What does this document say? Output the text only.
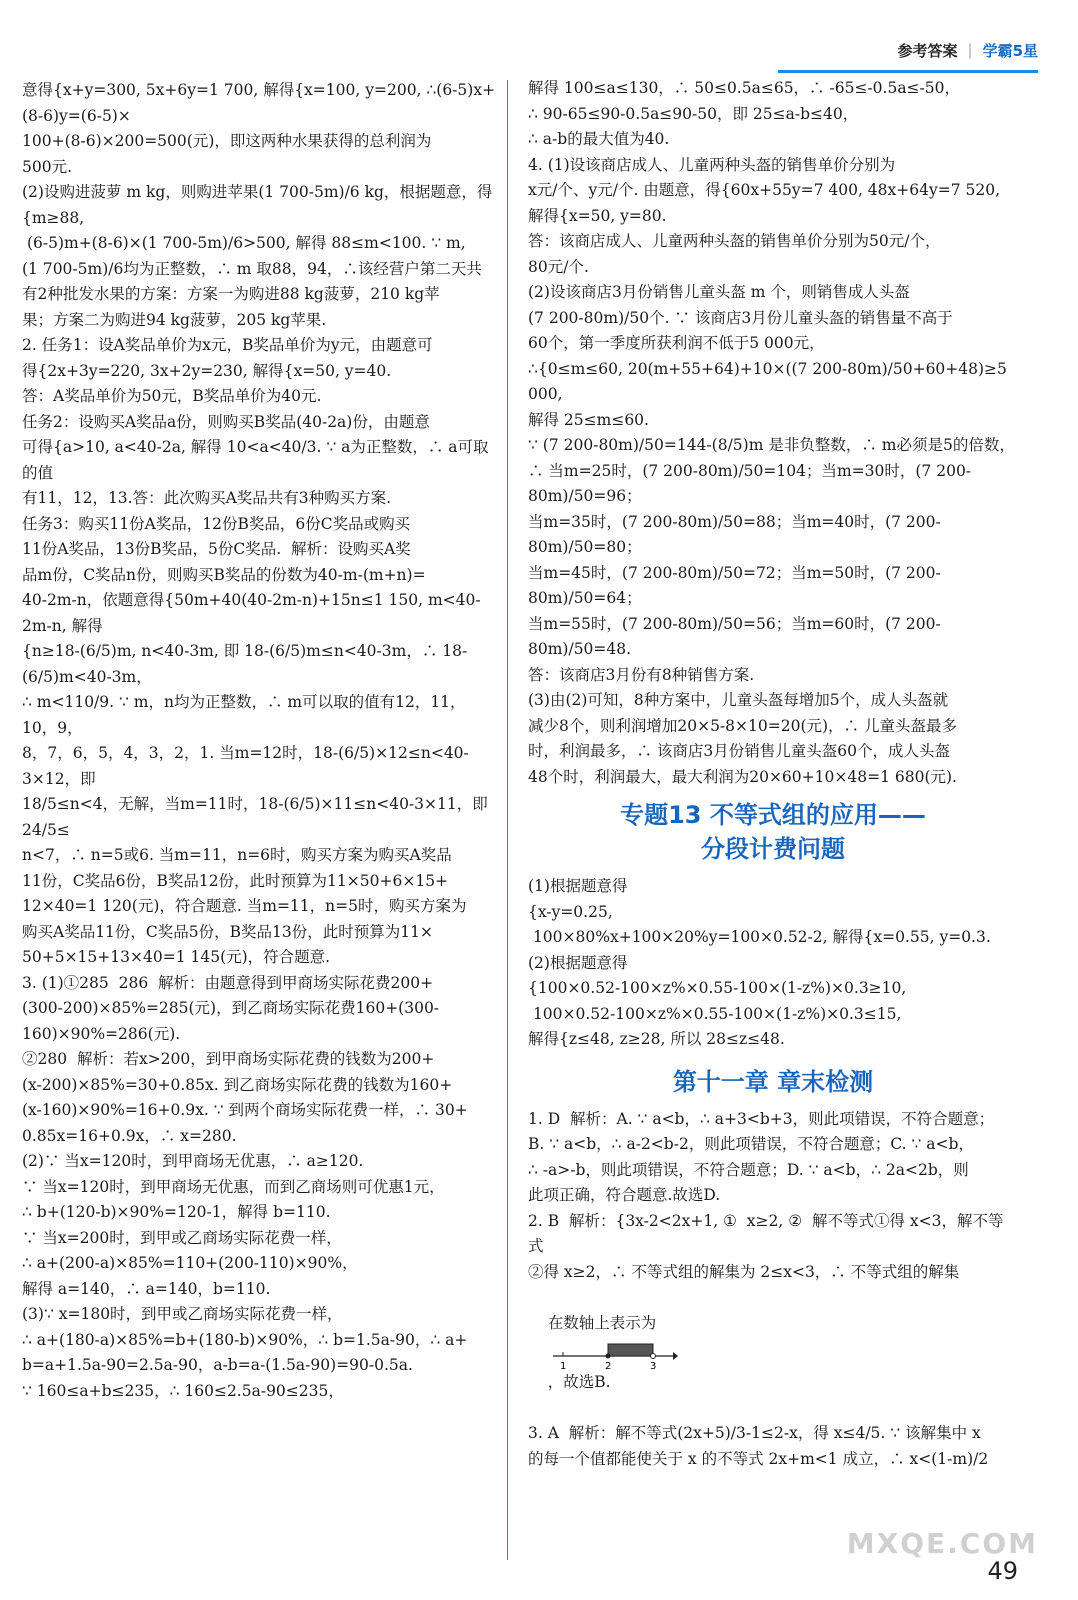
参考答案 | 学霸5星

意得{x+y=300, 5x+6y=1 700, 解得{x=100, y=200, ∴(6-5)x+(8-6)y=(6-5)×

100+(8-6)×200=500(元)，即这两种水果获得的总利润为

500元.

(2)设购进菠萝 m kg，则购进苹果(1 700-5m)/6 kg，根据题意，得

{m≥88,

(6-5)m+(8-6)×(1 700-5m)/6>500, 解得 88≤m<100. ∵ m,

(1 700-5m)/6均为正整数，∴ m 取88，94，∴该经营户第二天共

有2种批发水果的方案：方案一为购进88 kg菠萝，210 kg苹

果；方案二为购进94 kg菠萝，205 kg苹果.

2. 任务1：设A奖品单价为x元，B奖品单价为y元，由题意可

得{2x+3y=220, 3x+2y=230, 解得{x=50, y=40.

答：A奖品单价为50元，B奖品单价为40元.

任务2：设购买A奖品a份，则购买B奖品(40-2a)份，由题意

可得{a>10, a<40-2a, 解得 10<a<40/3. ∵ a为正整数，∴ a可取的值

有11，12，13.答：此次购买A奖品共有3种购买方案.

任务3：购买11份A奖品，12份B奖品，6份C奖品或购买

11份A奖品，13份B奖品，5份C奖品.  解析：设购买A奖

品m份，C奖品n份，则购买B奖品的份数为40-m-(m+n)=

40-2m-n，依题意得{50m+40(40-2m-n)+15n≤1 150, m<40-2m-n, 解得

{n≥18-(6/5)m, n<40-3m, 即 18-(6/5)m≤n<40-3m，∴ 18-(6/5)m<40-3m，

∴ m<110/9. ∵ m，n均为正整数，∴ m可以取的值有12，11，10，9，

8，7，6，5，4，3，2，1. 当m=12时，18-(6/5)×12≤n<40-3×12，即

18/5≤n<4，无解，当m=11时，18-(6/5)×11≤n<40-3×11，即24/5≤

n<7，∴ n=5或6. 当m=11，n=6时，购买方案为购买A奖品

11份，C奖品6份，B奖品12份，此时预算为11×50+6×15+

12×40=1 120(元)，符合题意. 当m=11，n=5时，购买方案为

购买A奖品11份，C奖品5份，B奖品13份，此时预算为11×

50+5×15+13×40=1 145(元)，符合题意.

3. (1)①285  286  解析：由题意得到甲商场实际花费200+

(300-200)×85%=285(元)，到乙商场实际花费160+(300-

160)×90%=286(元).

②280  解析：若x>200，到甲商场实际花费的钱数为200+

(x-200)×85%=30+0.85x. 到乙商场实际花费的钱数为160+

(x-160)×90%=16+0.9x. ∵ 到两个商场实际花费一样，∴ 30+

0.85x=16+0.9x，∴ x=280.

(2)∵ 当x=120时，到甲商场无优惠，∴ a≥120.

∵ 当x=120时，到甲商场无优惠，而到乙商场则可优惠1元，

∴ b+(120-b)×90%=120-1，解得 b=110.

∵ 当x=200时，到甲或乙商场实际花费一样，

∴ a+(200-a)×85%=110+(200-110)×90%，

解得 a=140，∴ a=140，b=110.

(3)∵ x=180时，到甲或乙商场实际花费一样，

∴ a+(180-a)×85%=b+(180-b)×90%，∴ b=1.5a-90，∴ a+

b=a+1.5a-90=2.5a-90，a-b=a-(1.5a-90)=90-0.5a.

∵ 160≤a+b≤235，∴ 160≤2.5a-90≤235，

解得 100≤a≤130，∴ 50≤0.5a≤65，∴ -65≤-0.5a≤-50，

∴ 90-65≤90-0.5a≤90-50，即 25≤a-b≤40，

∴ a-b的最大值为40.

4. (1)设该商店成人、儿童两种头盔的销售单价分别为

x元/个、y元/个. 由题意，得{60x+55y=7 400, 48x+64y=7 520, 解得{x=50, y=80.

答：该商店成人、儿童两种头盔的销售单价分别为50元/个，

80元/个.

(2)设该商店3月份销售儿童头盔 m 个，则销售成人头盔

(7 200-80m)/50个. ∵ 该商店3月份儿童头盔的销售量不高于

60个，第一季度所获利润不低于5 000元，

∴{0≤m≤60, 20(m+55+64)+10×((7 200-80m)/50+60+48)≥5 000,

解得 25≤m≤60.

∵ (7 200-80m)/50=144-(8/5)m 是非负整数，∴ m必须是5的倍数，

∴ 当m=25时，(7 200-80m)/50=104；当m=30时，(7 200-80m)/50=96；

当m=35时，(7 200-80m)/50=88；当m=40时，(7 200-80m)/50=80；

当m=45时，(7 200-80m)/50=72；当m=50时，(7 200-80m)/50=64；

当m=55时，(7 200-80m)/50=56；当m=60时，(7 200-80m)/50=48.

答：该商店3月份有8种销售方案.

(3)由(2)可知，8种方案中，儿童头盔每增加5个，成人头盔就

减少8个，则利润增加20×5-8×10=20(元)，∴ 儿童头盔最多

时，利润最多，∴ 该商店3月份销售儿童头盔60个，成人头盔

48个时，利润最大，最大利润为20×60+10×48=1 680(元).

专题13 不等式组的应用——
分段计费问题

(1)根据题意得

{x-y=0.25,

100×80%x+100×20%y=100×0.52-2, 解得{x=0.55, y=0.3.

(2)根据题意得

{100×0.52-100×z%×0.55-100×(1-z%)×0.3≥10,

100×0.52-100×z%×0.55-100×(1-z%)×0.3≤15,

解得{z≤48, z≥28, 所以 28≤z≤48.

第十一章 章末检测

1. D  解析：A. ∵ a<b，∴ a+3<b+3，则此项错误，不符合题意；

B. ∵ a<b，∴ a-2<b-2，则此项错误，不符合题意；C. ∵ a<b，

∴ -a>-b，则此项错误，不符合题意；D. ∵ a<b，∴ 2a<2b，则

此项正确，符合题意.故选D.

2. B  解析：{3x-2<2x+1, ①  x≥2, ②  解不等式①得 x<3，解不等式

②得 x≥2，∴ 不等式组的解集为 2≤x<3，∴ 不等式组的解集

在数轴上表示为

1	2	3

，故选B.

3. A  解析：解不等式(2x+5)/3-1≤2-x，得 x≤4/5. ∵ 该解集中 x

的每一个值都能使关于 x 的不等式 2x+m<1 成立，∴ x<(1-m)/2

MXQE.COM
49
